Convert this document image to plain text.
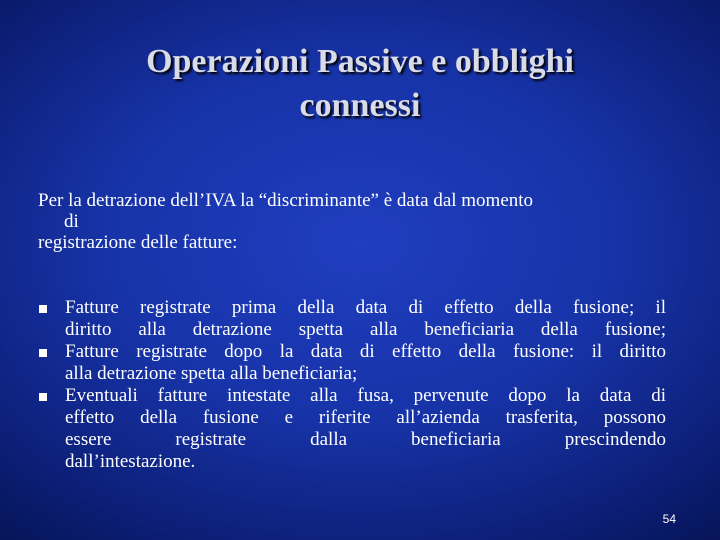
Operazioni Passive e obblighi
connessi
Per la detrazione dell’IVA la “discriminante” è data dal momento
di
registrazione delle fatture:
Fatture registrate prima della data di effetto della fusione; il diritto alla detrazione spetta alla beneficiaria della fusione;
Fatture registrate dopo la data di effetto della fusione: il diritto alla detrazione spetta alla beneficiaria;
Eventuali fatture intestate alla fusa, pervenute dopo la data di effetto della fusione e riferite all’azienda trasferita, possono essere registrate dalla beneficiaria prescindendo dall’intestazione.
54
